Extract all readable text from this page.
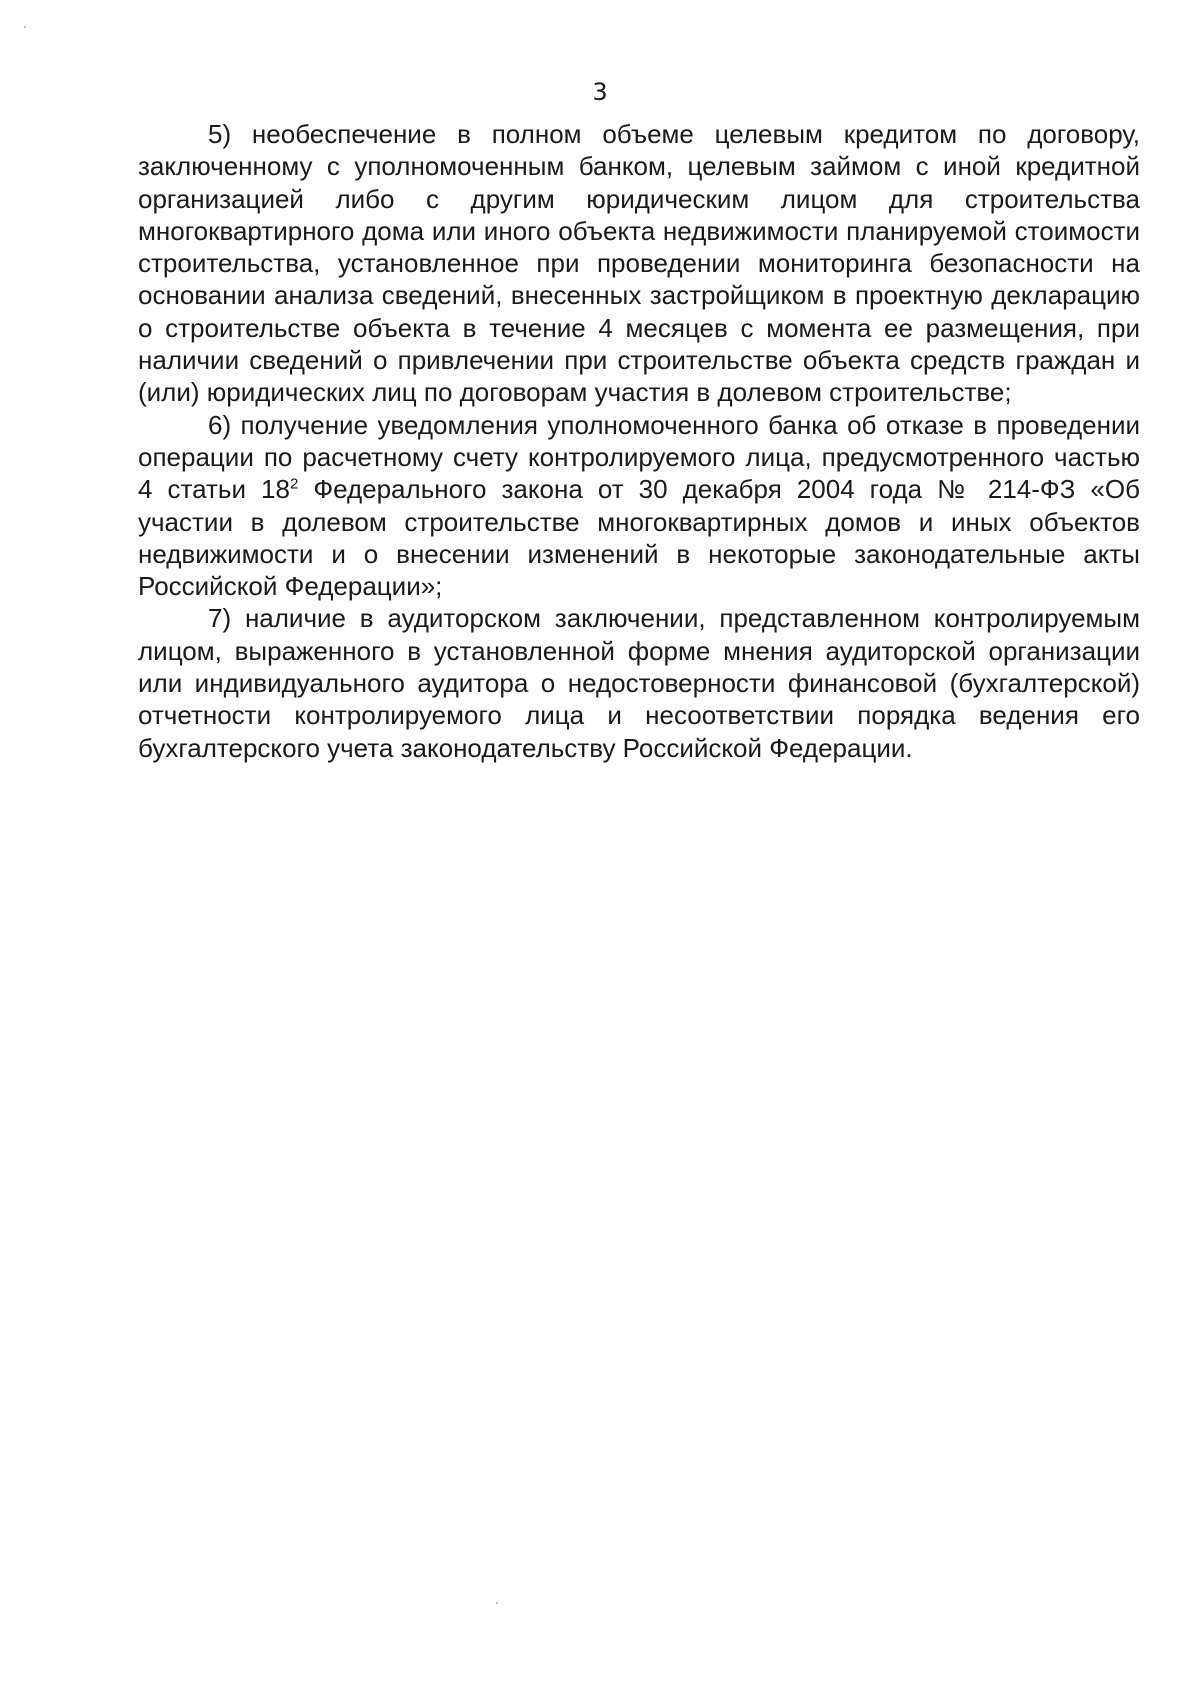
3

5) необеспечение в полном объеме целевым кредитом по договору, заключенному с уполномоченным банком, целевым займом с иной кредитной организацией либо с другим юридическим лицом для строительства многоквартирного дома или иного объекта недвижимости планируемой стоимости строительства, установленное при проведении мониторинга безопасности на основании анализа сведений, внесенных застройщиком в проектную декларацию о строительстве объекта в течение 4 месяцев с момента ее размещения, при наличии сведений о привлечении при строительстве объекта средств граждан и (или) юридических лиц по договорам участия в долевом строительстве;

6) получение уведомления уполномоченного банка об отказе в проведении операции по расчетному счету контролируемого лица, предусмотренного частью 4 статьи $18^2$ Федерального закона от 30 декабря 2004 года № 214-ФЗ «Об участии в долевом строительстве многоквартирных домов и иных объектов недвижимости и о внесении изменений в некоторые законодательные акты Российской Федерации»;

7) наличие в аудиторском заключении, представленном контролируемым лицом, выраженного в установленной форме мнения аудиторской организации или индивидуального аудитора о недостоверности финансовой (бухгалтерской) отчетности контролируемого лица и несоответствии порядка ведения его бухгалтерского учета законодательству Российской Федерации.
